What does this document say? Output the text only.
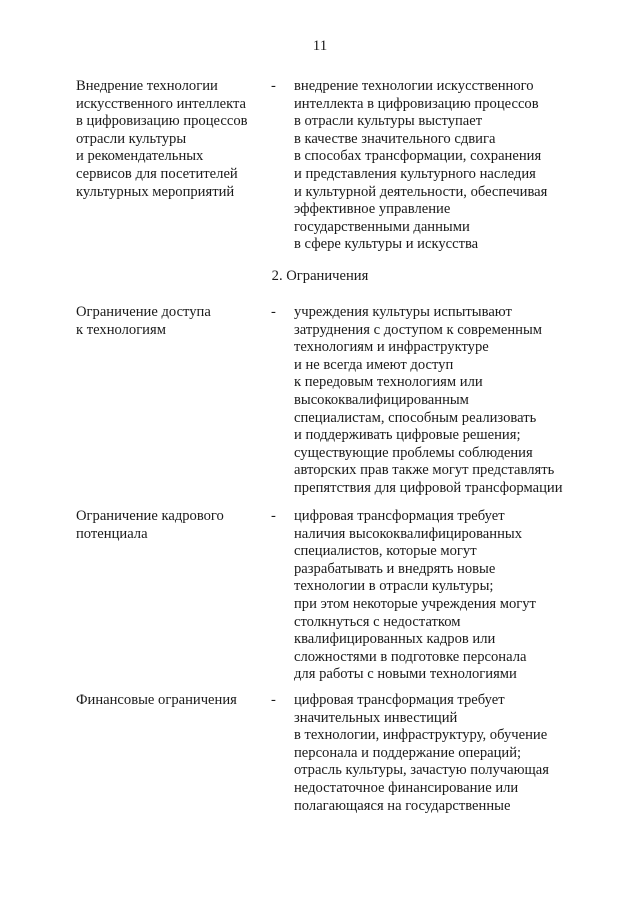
11
Внедрение технологии
искусственного интеллекта
в цифровизацию процессов
отрасли культуры
и рекомендательных
сервисов для посетителей
культурных мероприятий
- внедрение технологии искусственного
интеллекта в цифровизацию процессов
в отрасли культуры выступает
в качестве значительного сдвига
в способах трансформации, сохранения
и представления культурного наследия
и культурной деятельности, обеспечивая
эффективное управление
государственными данными
в сфере культуры и искусства
2. Ограничения
Ограничение доступа
к технологиям
- учреждения культуры испытывают
затруднения с доступом к современным
технологиям и инфраструктуре
и не всегда имеют доступ
к передовым технологиям или
высококвалифицированным
специалистам, способным реализовать
и поддерживать цифровые решения;
существующие проблемы соблюдения
авторских прав также могут представлять
препятствия для цифровой трансформации
Ограничение кадрового
потенциала
- цифровая трансформация требует
наличия высококвалифицированных
специалистов, которые могут
разрабатывать и внедрять новые
технологии в отрасли культуры;
при этом некоторые учреждения могут
столкнуться с недостатком
квалифицированных кадров или
сложностями в подготовке персонала
для работы с новыми технологиями
Финансовые ограничения	- цифровая трансформация требует
значительных инвестиций
в технологии, инфраструктуру, обучение
персонала и поддержание операций;
отрасль культуры, зачастую получающая
недостаточное финансирование или
полагающаяся на государственные
